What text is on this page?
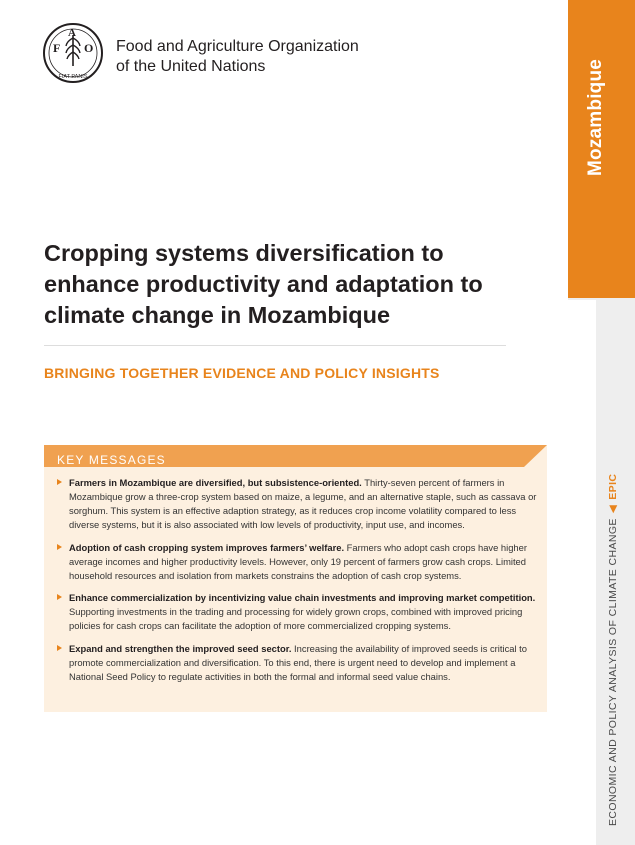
F
A
O
FIAT PANIS
Food and Agriculture Organization
of the United Nations	Mozambique
ECONOMIC AND POLICY ANALYSIS OF CLIMATE CHANGE◀EPIC
Cropping systems diversification to enhance productivity and adaptation to climate change in Mozambique
BRINGING TOGETHER EVIDENCE AND POLICY INSIGHTS
KEY MESSAGES
Farmers in Mozambique are diversified, but subsistence-oriented. Thirty-seven percent of farmers in Mozambique grow a three-crop system based on maize, a legume, and an alternative staple, such as cassava or sorghum. This system is an effective adaption strategy, as it reduces crop income volatility compared to less diverse systems, but it is also associated with low levels of productivity, input use, and incomes.
Adoption of cash cropping system improves farmers’ welfare. Farmers who adopt cash crops have higher average incomes and higher productivity levels. However, only 19 percent of farmers grow cash crops. Limited household resources and isolation from markets constrains the adoption of cash crop systems.
Enhance commercialization by incentivizing value chain investments and improving market competition. Supporting investments in the trading and processing for widely grown crops, combined with improved pricing policies for cash crops can facilitate the adoption of more commercialized cropping systems.
Expand and strengthen the improved seed sector. Increasing the availability of improved seeds is critical to promote commercialization and diversification. To this end, there is urgent need to develop and implement a National Seed Policy to regulate activities in both the formal and informal seed value chains.
